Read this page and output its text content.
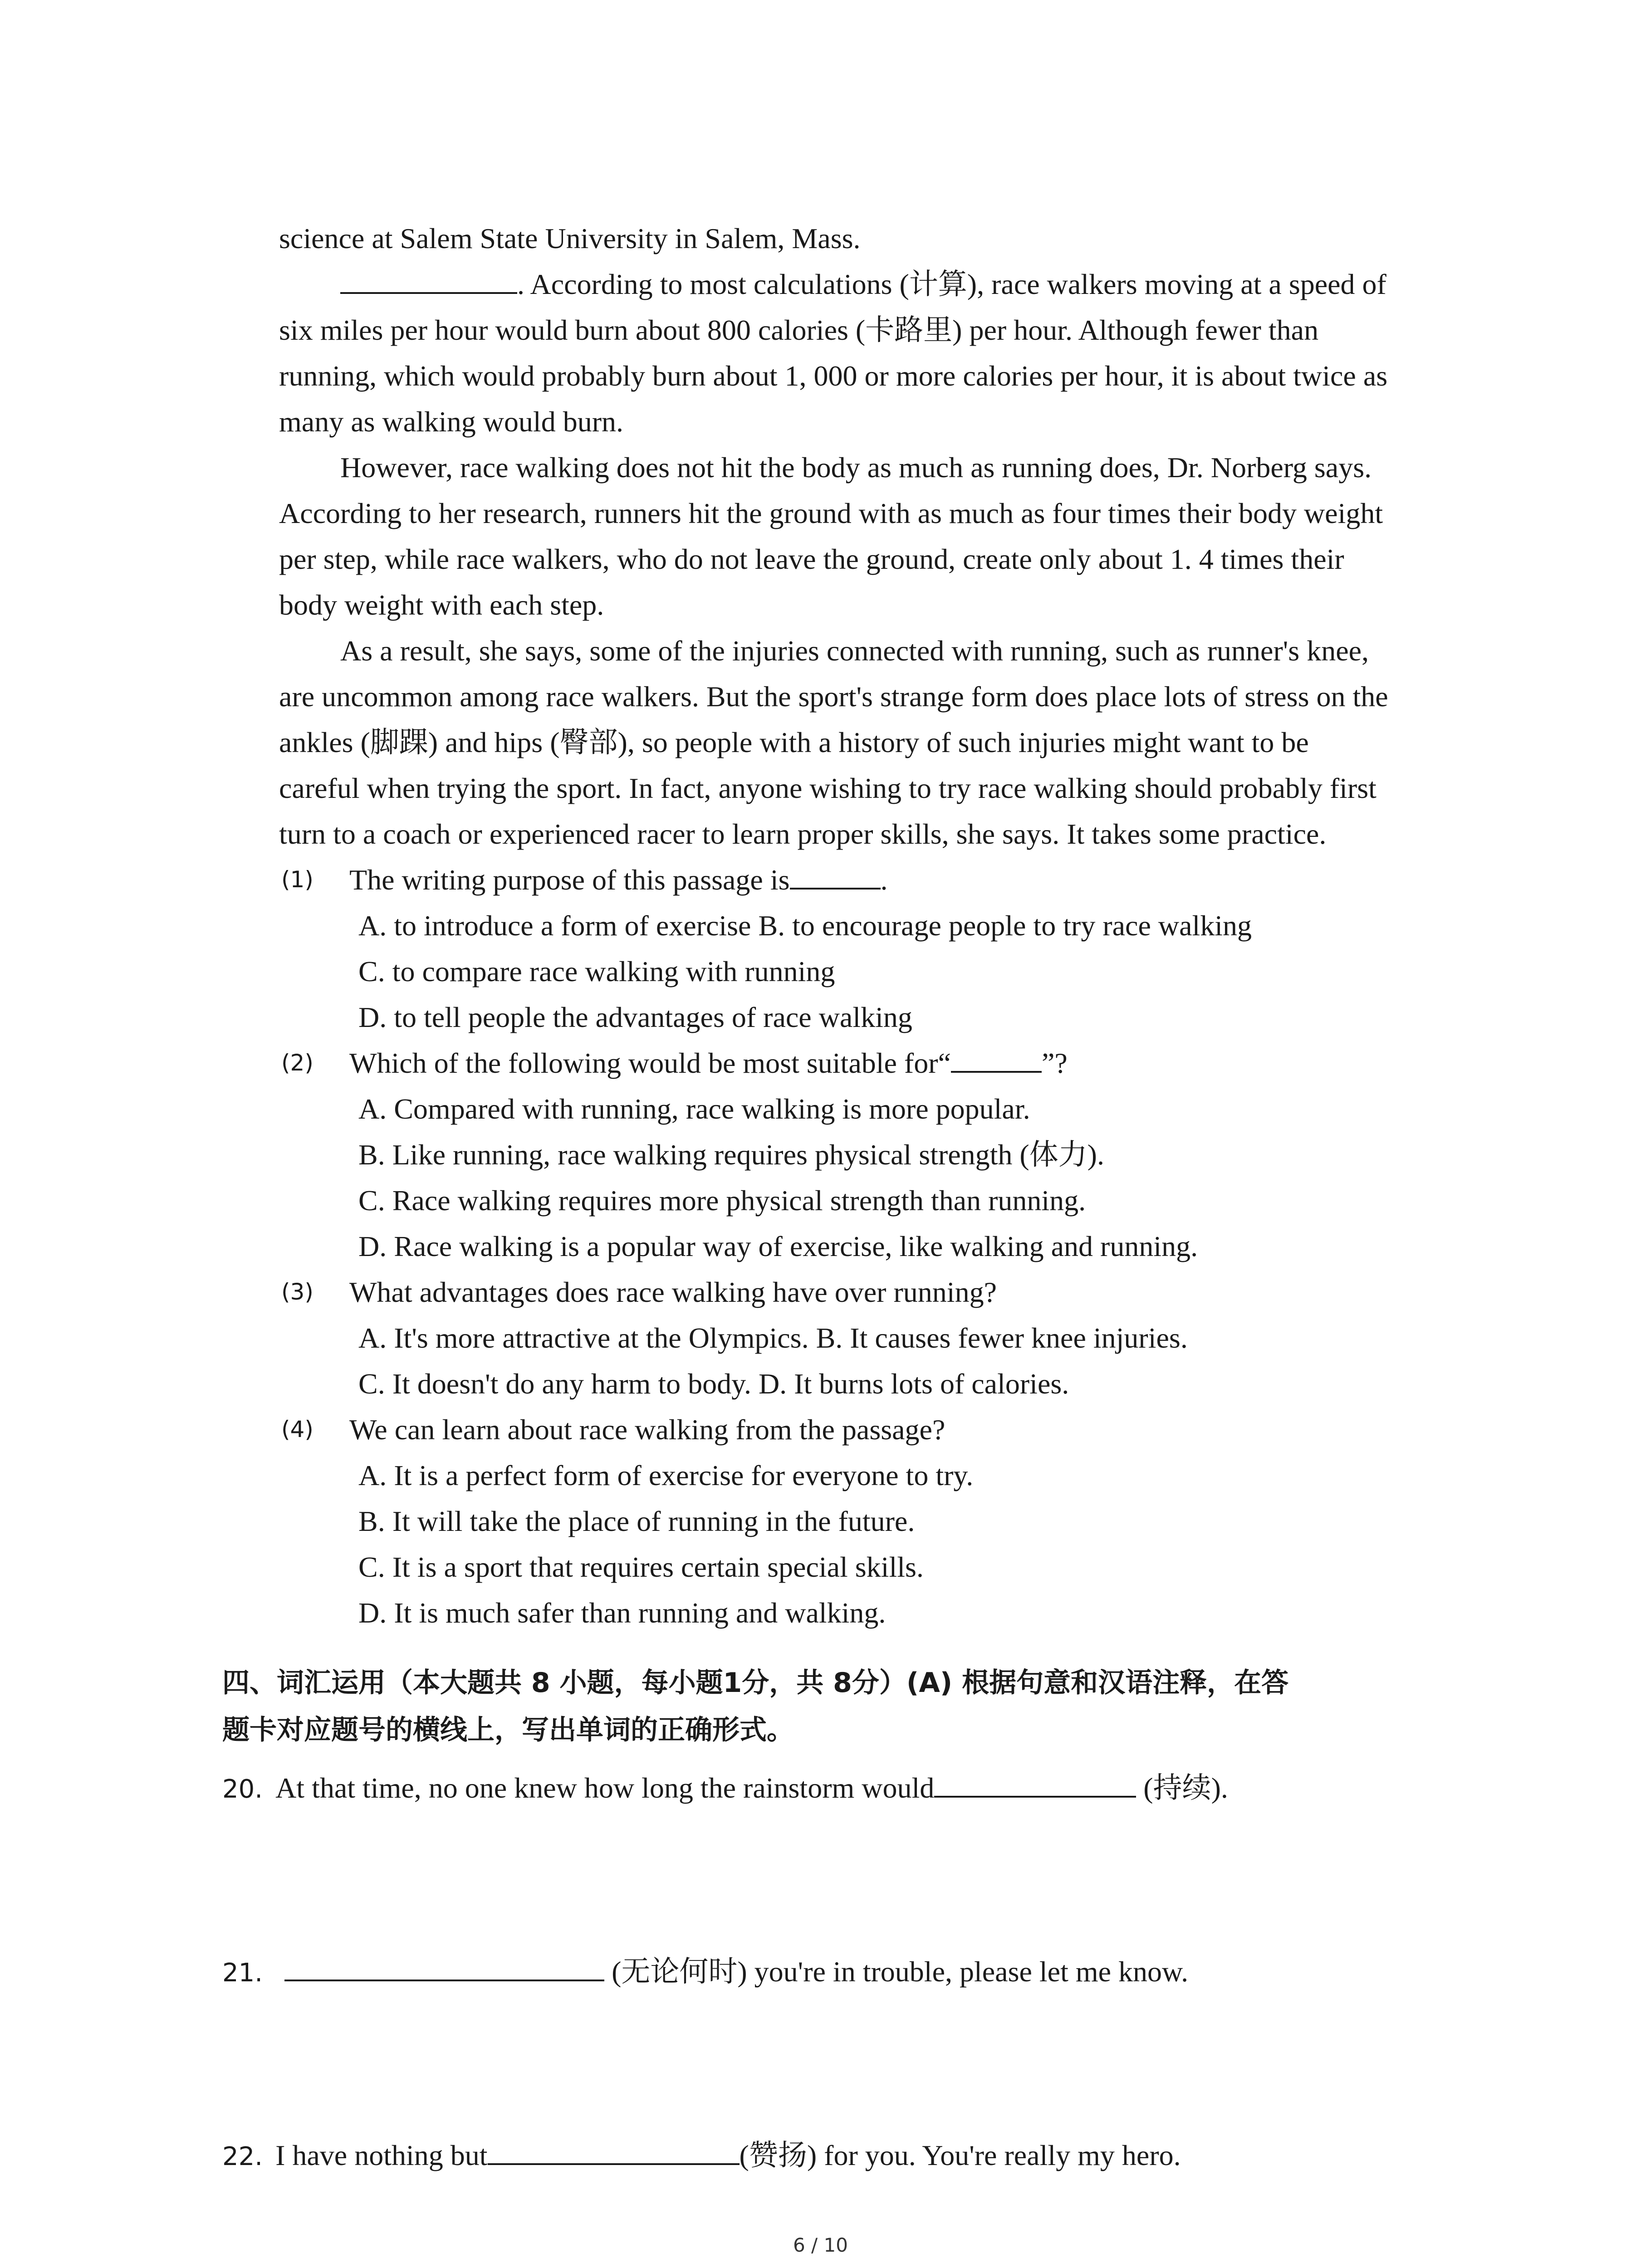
science at Salem State University in Salem, Mass.

. According to most calculations (计算), race walkers moving at a speed of
six miles per hour would burn about 800 calories (卡路里) per hour. Although fewer than
running, which would probably burn about 1, 000 or more calories per hour, it is about twice as
many as walking would burn.

However, race walking does not hit the body as much as running does, Dr. Norberg says.
According to her research, runners hit the ground with as much as four times their body weight
per step, while race walkers, who do not leave the ground, create only about 1. 4 times their
body weight with each step.

As a result, she says, some of the injuries connected with running, such as runner's knee,
are uncommon among race walkers. But the sport's strange form does place lots of stress on the
ankles (脚踝) and hips (臀部), so people with a history of such injuries might want to be
careful when trying the sport. In fact, anyone wishing to try race walking should probably first
turn to a coach or experienced racer to learn proper skills, she says. It takes some practice.

(1) The writing purpose of this passage is	.
A. to introduce a form of exercise B. to encourage people to try race walking
C. to compare race walking with running
D. to tell people the advantages of race walking
(2) Which of the following would be most suitable for“	”?
A. Compared with running, race walking is more popular.
B. Like running, race walking requires physical strength (体力).
C. Race walking requires more physical strength than running.
D. Race walking is a popular way of exercise, like walking and running.
(3) What advantages does race walking have over running?
A. It's more attractive at the Olympics. B. It causes fewer knee injuries.
C. It doesn't do any harm to body. D. It burns lots of calories.
(4) We can learn about race walking from the passage?
A. It is a perfect form of exercise for everyone to try.
B. It will take the place of running in the future.
C. It is a sport that requires certain special skills.
D. It is much safer than running and walking.
四、词汇运用（本大题共 8 小题，每小题1分，共 8分）(A) 根据句意和汉语注释，在答
题卡对应题号的横线上，写出单词的正确形式。
20. At that time, no one knew how long the rainstorm would	(持续).
21.	(无论何时) you're in trouble, please let me know.
22. I have nothing but	(赞扬) for you. You're really my hero.
6 / 10
